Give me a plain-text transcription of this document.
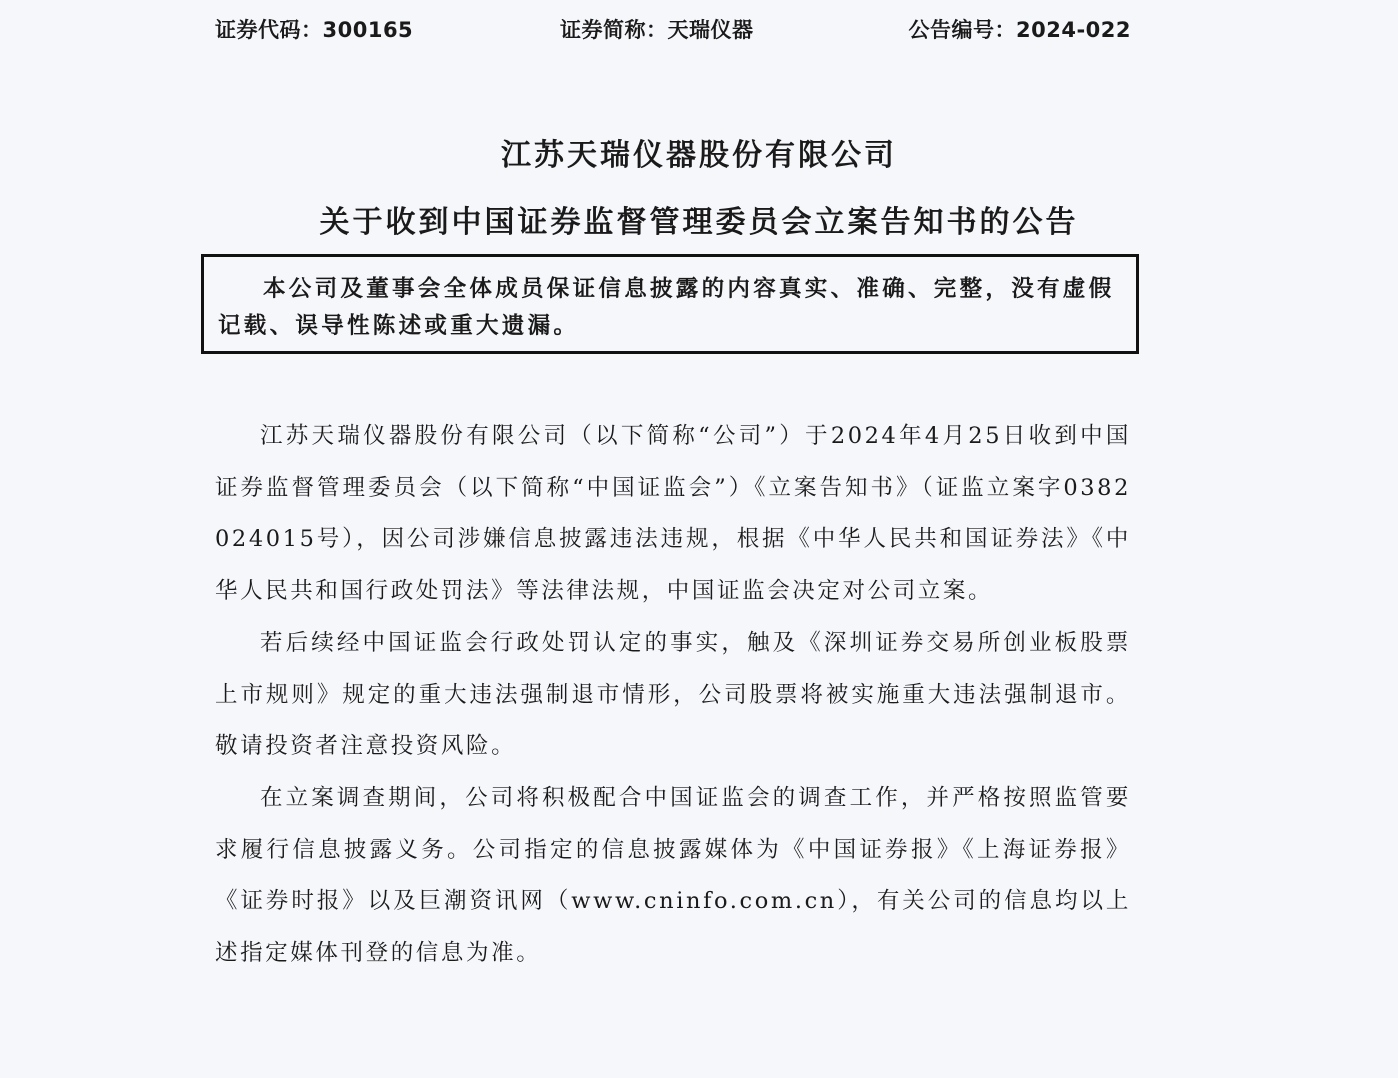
证券代码：300165	证券简称：天瑞仪器	公告编号：2024-022
江苏天瑞仪器股份有限公司
关于收到中国证券监督管理委员会立案告知书的公告

本公司及董事会全体成员保证信息披露的内容真实、准确、完整，没有虚假记载、误导性陈述或重大遗漏。

江苏天瑞仪器股份有限公司（以下简称“公司”）于2024年4月25日收到中国证券监督管理委员会（以下简称“中国证监会”）《立案告知书》（证监立案字0382024015号），因公司涉嫌信息披露违法违规，根据《中华人民共和国证券法》《中华人民共和国行政处罚法》等法律法规，中国证监会决定对公司立案。

若后续经中国证监会行政处罚认定的事实，触及《深圳证券交易所创业板股票上市规则》规定的重大违法强制退市情形，公司股票将被实施重大违法强制退市。敬请投资者注意投资风险。

在立案调查期间，公司将积极配合中国证监会的调查工作，并严格按照监管要求履行信息披露义务。公司指定的信息披露媒体为《中国证券报》《上海证券报》《证券时报》以及巨潮资讯网（www.cninfo.com.cn），有关公司的信息均以上述指定媒体刊登的信息为准。
